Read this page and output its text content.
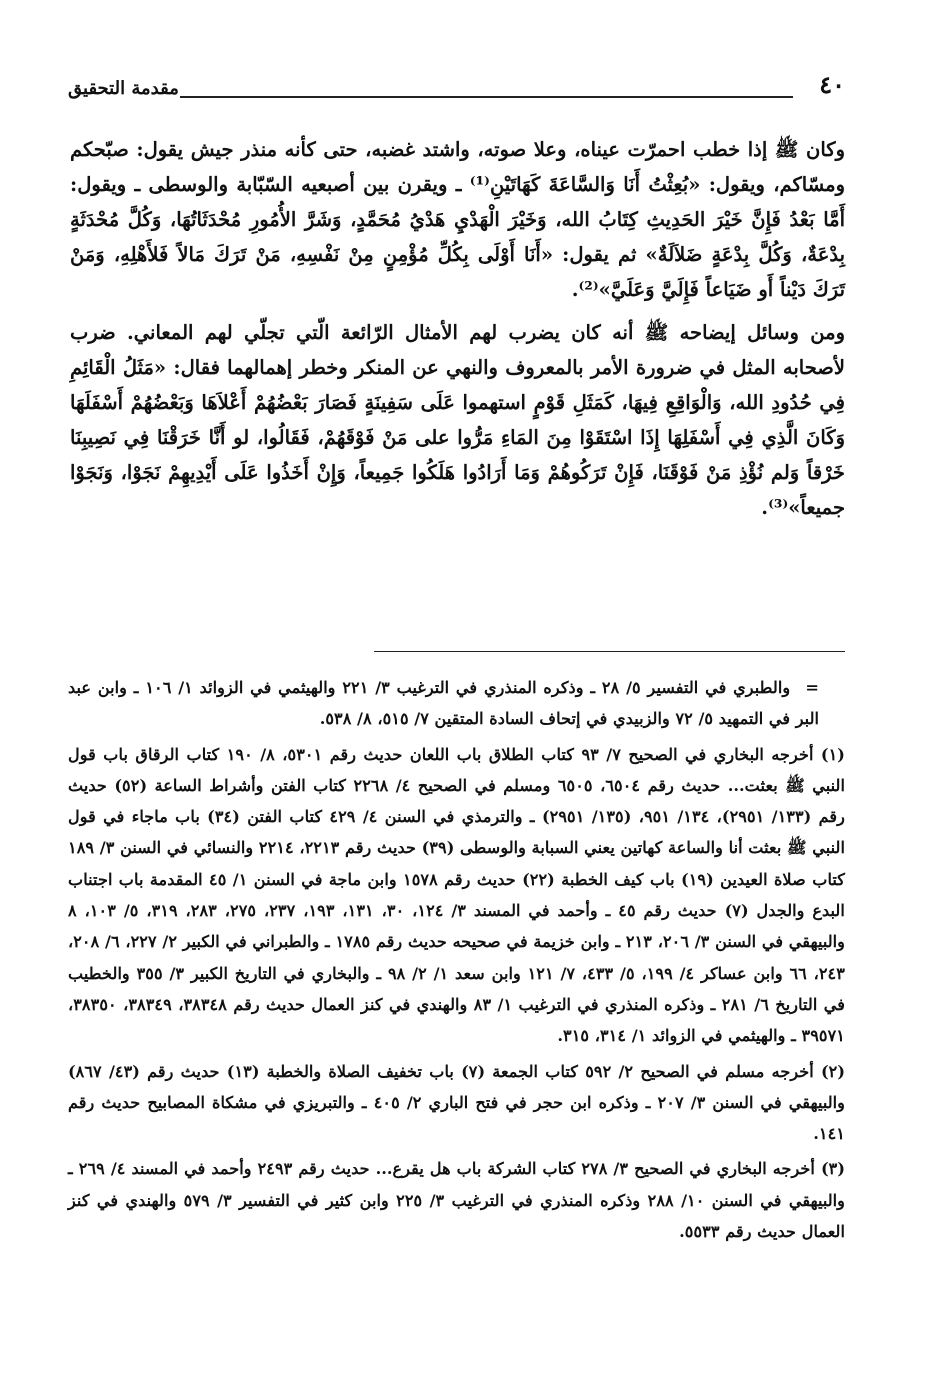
٤٠
مقدمة التحقيق

وكان ﷺ إذا خطب احمرّت عيناه، وعلا صوته، واشتد غضبه، حتى كأنه منذر جيش يقول: صبّحكم ومسّاكم، ويقول: «بُعِثْتُ أَنَا وَالسَّاعَةَ كَهَاتَيْنِ⁽¹⁾ ـ ويقرن بين أصبعيه السّبّابة والوسطى ـ ويقول: أَمَّا بَعْدُ فَإِنَّ خَيْرَ الحَدِيثِ كِتَابُ الله، وَخَيْرَ الْهَدْيِ هَدْيُ مُحَمَّدٍ، وَشَرَّ الأُمُورِ مُحْدَثَاتُهَا، وَكُلَّ مُحْدَثَةٍ بِدْعَةٌ، وَكُلَّ بِدْعَةٍ ضَلاَلَةٌ» ثم يقول: «أَنَا أَوْلَى بِكُلِّ مُؤْمِنٍ مِنْ نَفْسِهِ، مَنْ تَرَكَ مَالاً فَلأَهْلِهِ، وَمَنْ تَرَكَ دَيْناً أَو ضَيَاعاً فَإِلَيَّ وَعَلَيَّ»⁽²⁾.

ومن وسائل إيضاحه ﷺ أنه كان يضرب لهم الأمثال الرّائعة الّتي تجلّي لهم المعاني. ضرب لأصحابه المثل في ضرورة الأمر بالمعروف والنهي عن المنكر وخطر إهمالهما فقال: «مَثَلُ الْقَائِمِ فِي حُدُودِ الله، وَالْوَاقِعِ فِيهَا، كَمَثَلِ قَوْمٍ استهموا عَلَى سَفِينَةٍ فَصَارَ بَعْضُهُمْ أَعْلاَهَا وَبَعْضُهُمْ أَسْفَلَهَا وَكَانَ الَّذِي فِي أَسْفَلِهَا إِذَا اسْتَقَوْا مِنَ المَاءِ مَرُّوا على مَنْ فَوْقَهُمْ، فَقَالُوا، لو أَنَّا خَرَقْنَا فِي نَصِيبِنَا خَرْقاً وَلم نُؤْذِ مَنْ فَوْقَنَا، فَإِنْ تَرَكُوهُمْ وَمَا أَرَادُوا هَلَكُوا جَمِيعاً، وَإِنْ أَخَذُوا عَلَى أَيْدِيهِمْ نَجَوْا، وَنَجَوْا جميعاً»⁽³⁾.

= والطبري في التفسير ٥/ ٢٨ ـ وذكره المنذري في الترغيب ٣/ ٢٢١ والهيثمي في الزوائد ١/ ١٠٦ ـ وابن عبد البر في التمهيد ٥/ ٧٢ والزبيدي في إتحاف السادة المتقين ٧/ ٥١٥، ٨/ ٥٣٨.

(١) أخرجه البخاري في الصحيح ٧/ ٩٣ كتاب الطلاق باب اللعان حديث رقم ٥٣٠١، ٨/ ١٩٠ كتاب الرقاق باب قول النبي ﷺ بعثت... حديث رقم ٦٥٠٤، ٦٥٠٥ ومسلم في الصحيح ٤/ ٢٢٦٨ كتاب الفتن وأشراط الساعة (٥٢) حديث رقم (١٣٣/ ٢٩٥١)، ١٣٤/ ٩٥١، (١٣٥/ ٢٩٥١) ـ والترمذي في السنن ٤/ ٤٢٩ كتاب الفتن (٣٤) باب ماجاء في قول النبي ﷺ بعثت أنا والساعة كهاتين يعني السبابة والوسطى (٣٩) حديث رقم ٢٢١٣، ٢٢١٤ والنسائي في السنن ٣/ ١٨٩ كتاب صلاة العيدين (١٩) باب كيف الخطبة (٢٢) حديث رقم ١٥٧٨ وابن ماجة في السنن ١/ ٤٥ المقدمة باب اجتناب البدع والجدل (٧) حديث رقم ٤٥ ـ وأحمد في المسند ٣/ ١٢٤، ٣٠، ١٣١، ١٩٣، ٢٣٧، ٢٧٥، ٢٨٣، ٣١٩، ٥/ ١٠٣، ٨ والبيهقي في السنن ٣/ ٢٠٦، ٢١٣ ـ وابن خزيمة في صحيحه حديث رقم ١٧٨٥ ـ والطبراني في الكبير ٢/ ٢٢٧، ٦/ ٢٠٨، ٢٤٣، ٦٦ وابن عساكر ٤/ ١٩٩، ٥/ ٤٣٣، ٧/ ١٢١ وابن سعد ١/ ٢/ ٩٨ ـ والبخاري في التاريخ الكبير ٣/ ٣٥٥ والخطيب في التاريخ ٦/ ٢٨١ ـ وذكره المنذري في الترغيب ١/ ٨٣ والهندي في كنز العمال حديث رقم ٣٨٣٤٨، ٣٨٣٤٩، ٣٨٣٥٠، ٣٩٥٧١ ـ والهيثمي في الزوائد ١/ ٣١٤، ٣١٥.

(٢) أخرجه مسلم في الصحيح ٢/ ٥٩٢ كتاب الجمعة (٧) باب تخفيف الصلاة والخطبة (١٣) حديث رقم (٤٣/ ٨٦٧) والبيهقي في السنن ٣/ ٢٠٧ ـ وذكره ابن حجر في فتح الباري ٢/ ٤٠٥ ـ والتبريزي في مشكاة المصابيح حديث رقم ١٤١.

(٣) أخرجه البخاري في الصحيح ٣/ ٢٧٨ كتاب الشركة باب هل يقرع... حديث رقم ٢٤٩٣ وأحمد في المسند ٤/ ٢٦٩ ـ والبيهقي في السنن ١٠/ ٢٨٨ وذكره المنذري في الترغيب ٣/ ٢٢٥ وابن كثير في التفسير ٣/ ٥٧٩ والهندي في كنز العمال حديث رقم ٥٥٣٣.
